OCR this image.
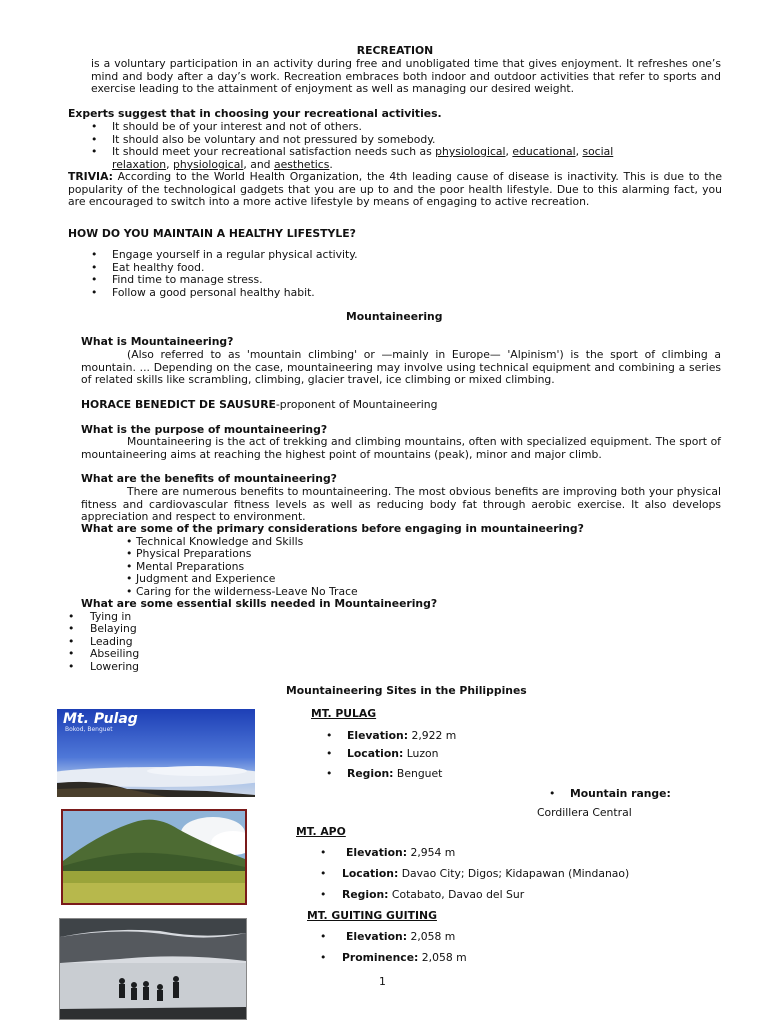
RECREATION
is a voluntary participation in an activity during free and unobligated time that gives enjoyment. It refreshes one’s mind and body after a day’s work. Recreation embraces both indoor and outdoor activities that refer to sports and exercise leading to the attainment of enjoyment as well as managing our desired weight.
Experts suggest that in choosing your recreational activities.
• It should be of your interest and not of others.
• It should also be voluntary and not pressured by somebody.
• It should meet your recreational satisfaction needs such as physiological, educational, social
relaxation, physiological, and aesthetics.
TRIVIA: According to the World Health Organization, the 4th leading cause of disease is inactivity. This is due to the popularity of the technological gadgets that you are up to and the poor health lifestyle. Due to this alarming fact, you are encouraged to switch into a more active lifestyle by means of engaging to active recreation.
HOW DO YOU MAINTAIN A HEALTHY LIFESTYLE?
• Engage yourself in a regular physical activity.
• Eat healthy food.
• Find time to manage stress.
• Follow a good personal healthy habit.
Mountaineering
What is Mountaineering?
(Also referred to as 'mountain climbing' or —mainly in Europe— 'Alpinism') is the sport of climbing a mountain. ... Depending on the case, mountaineering may involve using technical equipment and combining a series of related skills like scrambling, climbing, glacier travel, ice climbing or mixed climbing.
HORACE BENEDICT DE SAUSURE-proponent of Mountaineering
What is the purpose of mountaineering?
Mountaineering is the act of trekking and climbing mountains, often with specialized equipment. The sport of mountaineering aims at reaching the highest point of mountains (peak), minor and major climb.
What are the benefits of mountaineering?
There are numerous benefits to mountaineering. The most obvious benefits are improving both your physical fitness and cardiovascular fitness levels as well as reducing body fat through aerobic exercise. It also develops appreciation and respect to environment.
What are some of the primary considerations before engaging in mountaineering?
• Technical Knowledge and Skills
• Physical Preparations
• Mental Preparations
• Judgment and Experience
• Caring for the wilderness-Leave No Trace
What are some essential skills needed in Mountaineering?
• Tying in
• Belaying
• Leading
• Abseiling
• Lowering
Mountaineering Sites in the Philippines
Mt. Pulag
Bokod, Benguet
MT. PULAG
• Elevation: 2,922 m
• Location: Luzon
• Region: Benguet
• Mountain range:
Cordillera Central
MT. APO
• Elevation: 2,954 m
• Location: Davao City; Digos; Kidapawan (Mindanao)
• Region: Cotabato, Davao del Sur
MT. GUITING GUITING
• Elevation: 2,058 m
• Prominence: 2,058 m
1
